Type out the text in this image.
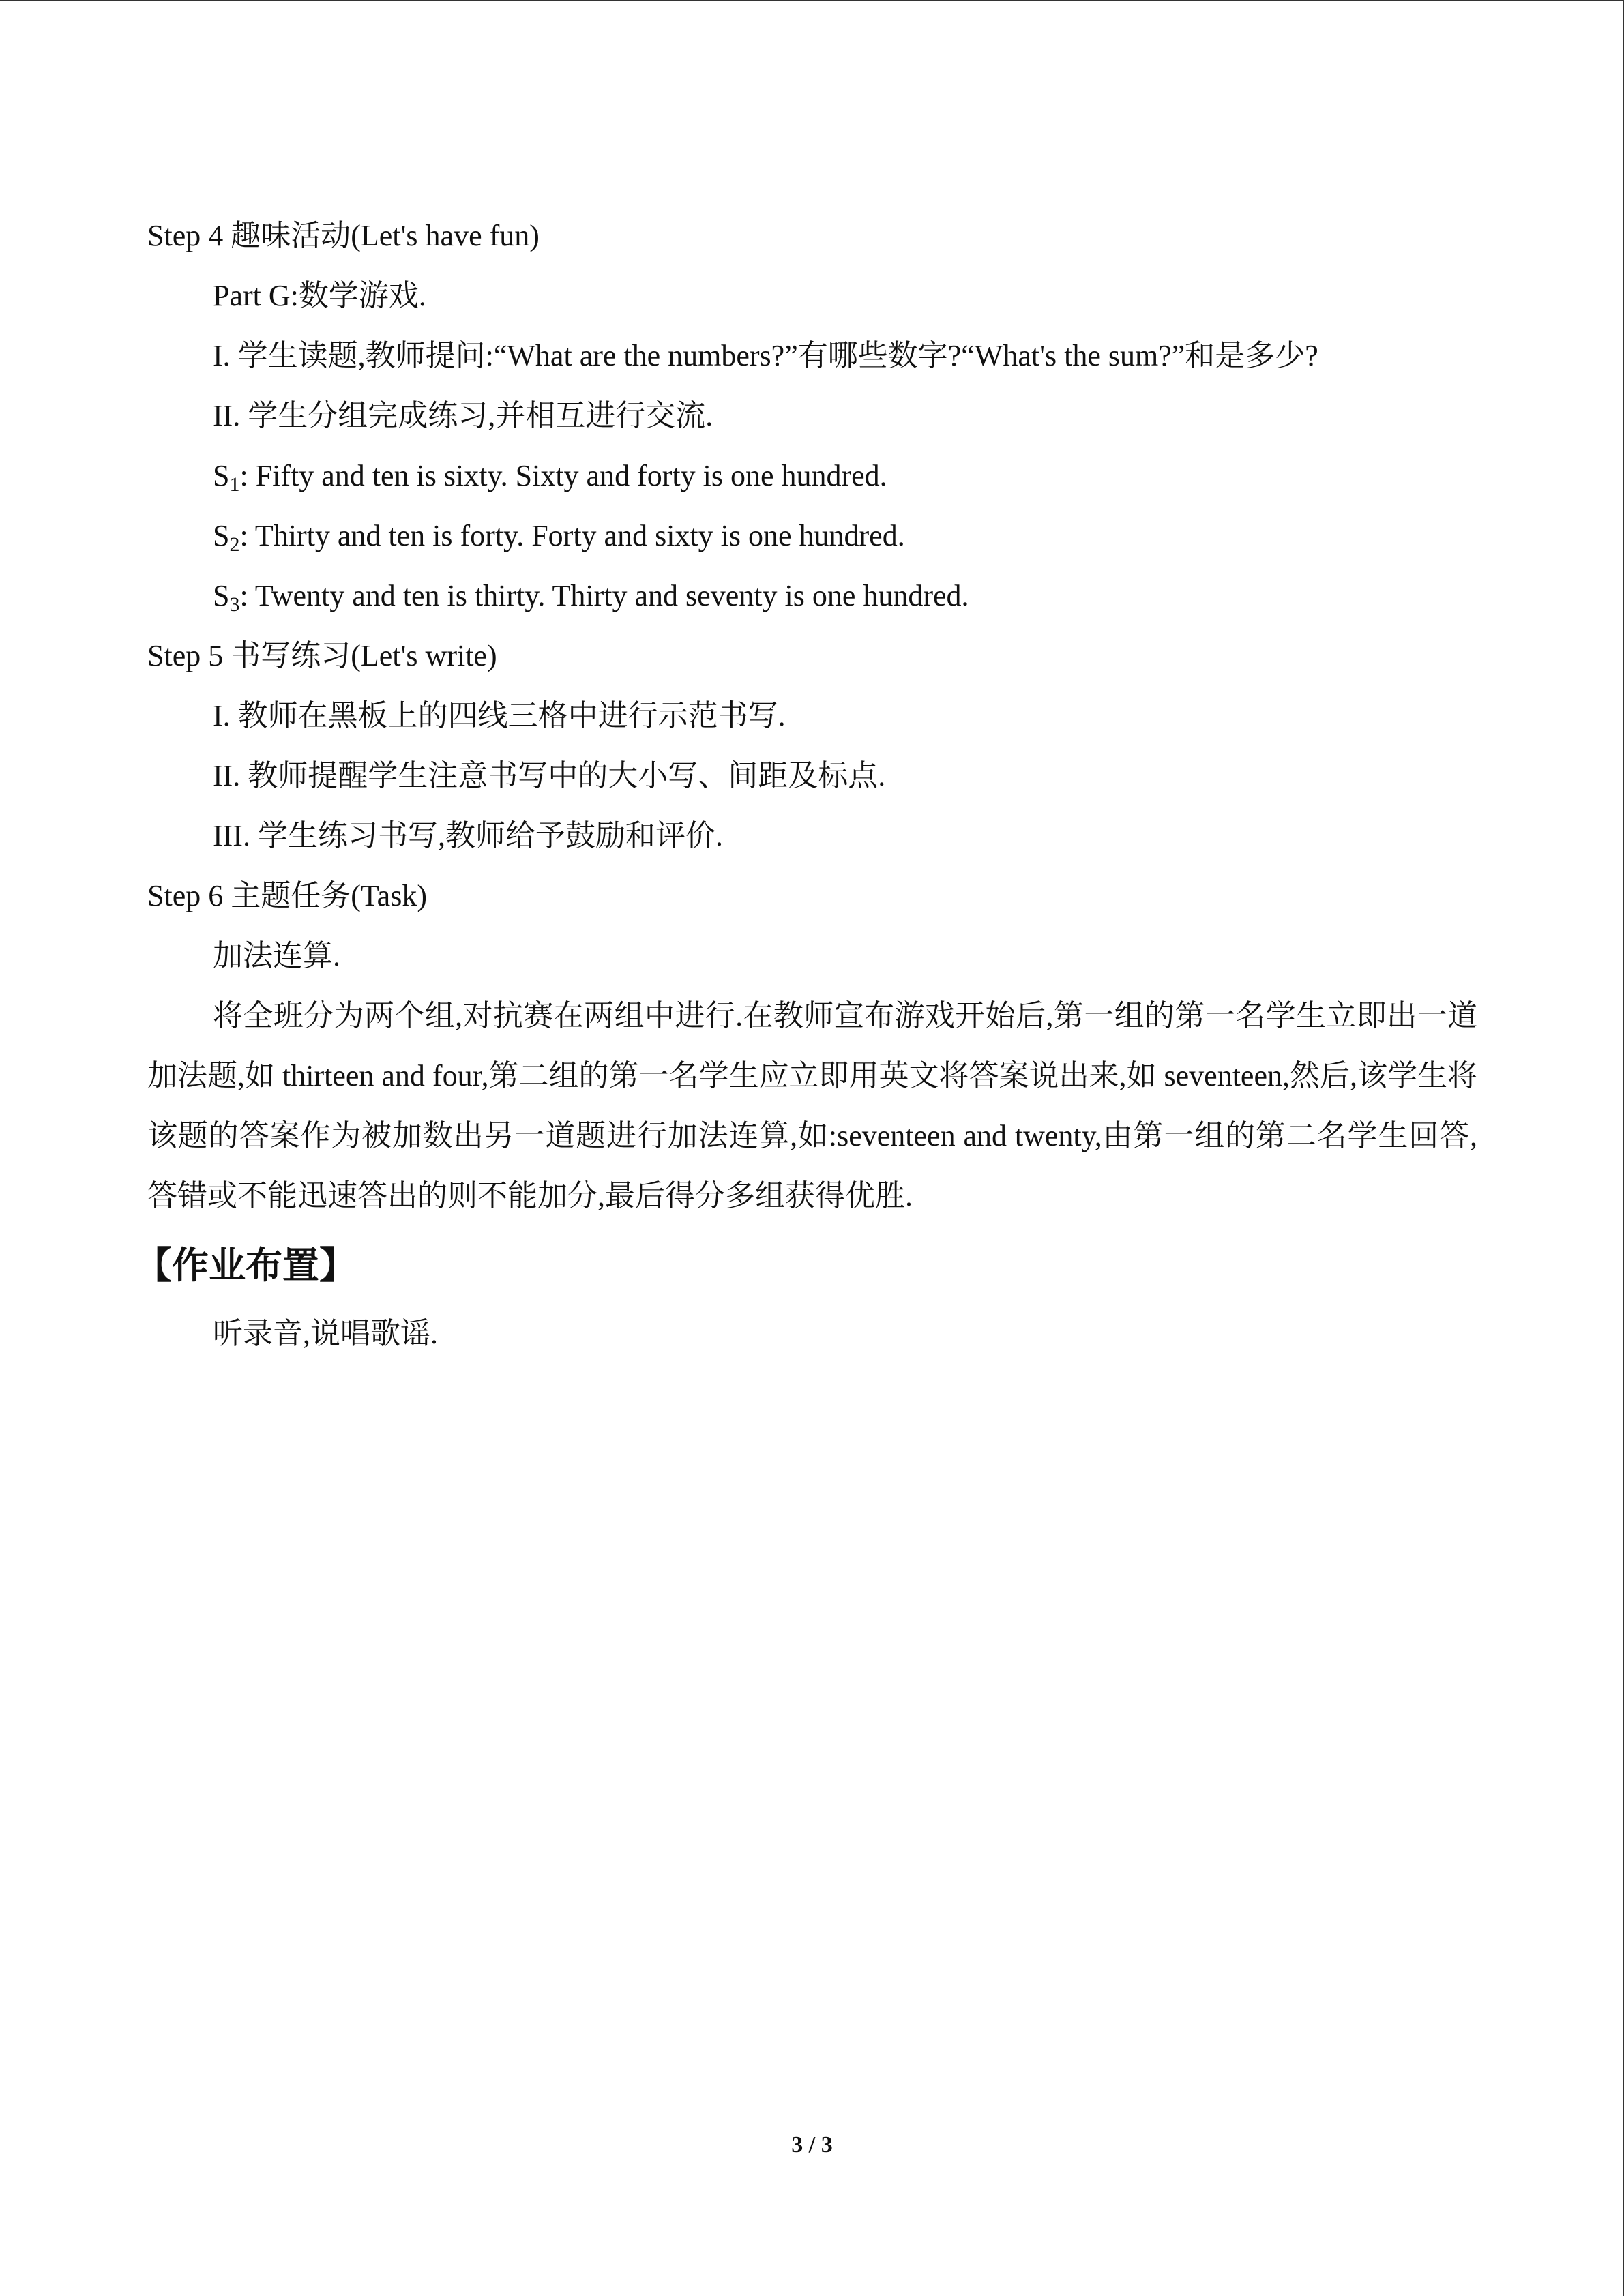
Step 4 趣味活动(Let's have fun)
Part G:数学游戏.

I. 学生读题,教师提问:“What are the numbers?”有哪些数字?“What's the sum?”和是多少?

II. 学生分组完成练习,并相互进行交流.
$S_1$: Fifty and ten is sixty. Sixty and forty is one hundred.
$S_2$: Thirty and ten is forty. Forty and sixty is one hundred.
$S_3$: Twenty and ten is thirty. Thirty and seventy is one hundred.
Step 5 书写练习(Let's write)
I. 教师在黑板上的四线三格中进行示范书写.
II. 教师提醒学生注意书写中的大小写、间距及标点.
III. 学生练习书写,教师给予鼓励和评价.
Step 6 主题任务(Task)
加法连算.

将全班分为两个组,对抗赛在两组中进行.在教师宣布游戏开始后,第一组的第一名学生立即出一道加法题,如 thirteen and four,第二组的第一名学生应立即用英文将答案说出来,如 seventeen,然后,该学生将该题的答案作为被加数出另一道题进行加法连算,如:seventeen and twenty,由第一组的第二名学生回答,答错或不能迅速答出的则不能加分,最后得分多组获得优胜.

【作业布置】
听录音,说唱歌谣.
3 / 3
